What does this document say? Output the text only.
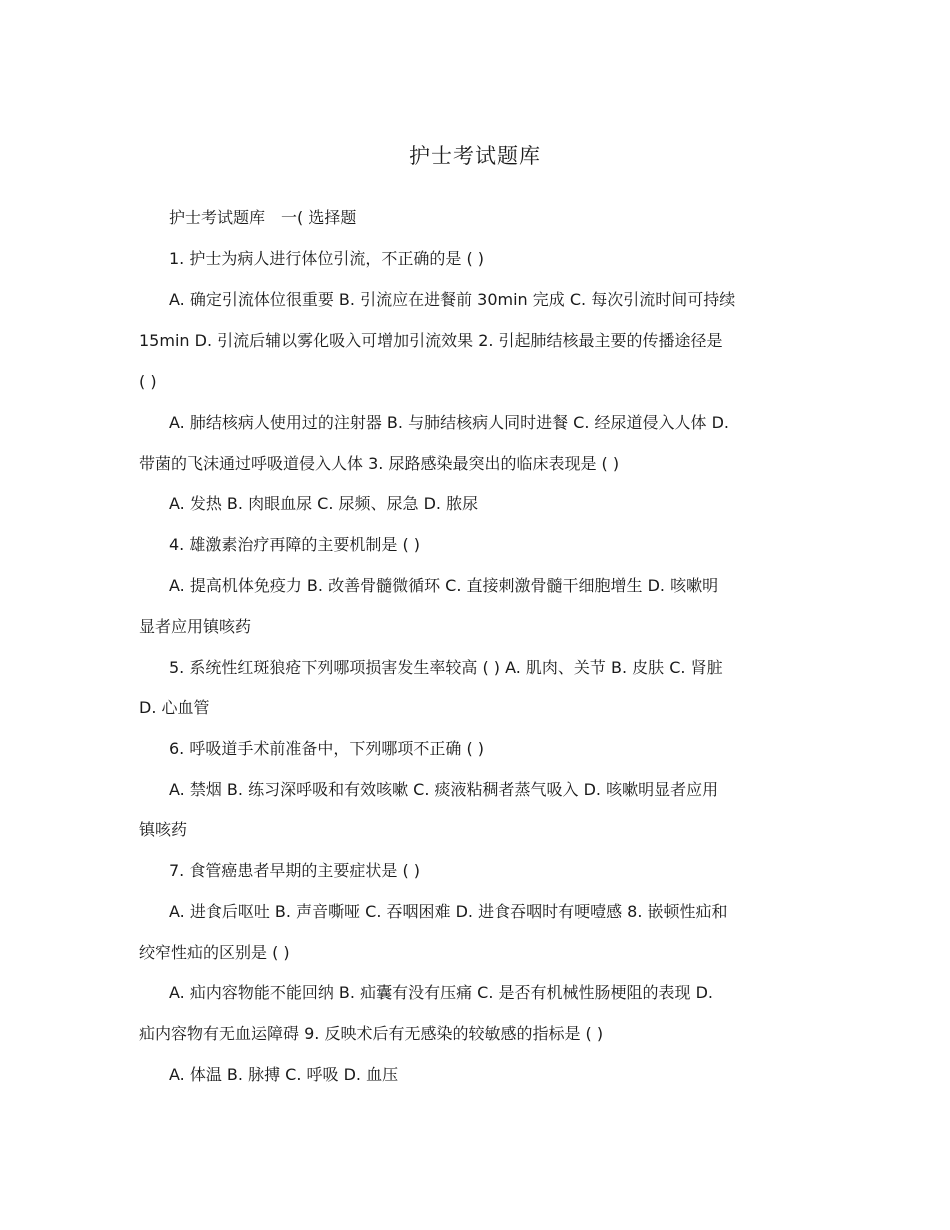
护士考试题库
护士考试题库　一( 选择题
1. 护士为病人进行体位引流，不正确的是 ( )
A. 确定引流体位很重要 B. 引流应在进餐前 30min 完成 C. 每次引流时间可持续
15min D. 引流后辅以雾化吸入可增加引流效果 2. 引起肺结核最主要的传播途径是
( )
A. 肺结核病人使用过的注射器 B. 与肺结核病人同时进餐 C. 经尿道侵入人体 D.
带菌的飞沫通过呼吸道侵入人体 3. 尿路感染最突出的临床表现是 ( )
A. 发热 B. 肉眼血尿 C. 尿频、尿急 D. 脓尿
4. 雄激素治疗再障的主要机制是 ( )
A. 提高机体免疫力 B. 改善骨髓微循环 C. 直接刺激骨髓干细胞增生 D. 咳嗽明
显者应用镇咳药
5. 系统性红斑狼疮下列哪项损害发生率较高 ( ) A. 肌肉、关节 B. 皮肤 C. 肾脏
D. 心血管
6. 呼吸道手术前准备中，下列哪项不正确 ( )
A. 禁烟 B. 练习深呼吸和有效咳嗽 C. 痰液粘稠者蒸气吸入 D. 咳嗽明显者应用
镇咳药
7. 食管癌患者早期的主要症状是 ( )
A. 进食后呕吐 B. 声音嘶哑 C. 吞咽困难 D. 进食吞咽时有哽噎感 8. 嵌顿性疝和
绞窄性疝的区别是 ( )
A. 疝内容物能不能回纳 B. 疝囊有没有压痛 C. 是否有机械性肠梗阻的表现 D.
疝内容物有无血运障碍 9. 反映术后有无感染的较敏感的指标是 ( )
A. 体温 B. 脉搏 C. 呼吸 D. 血压
